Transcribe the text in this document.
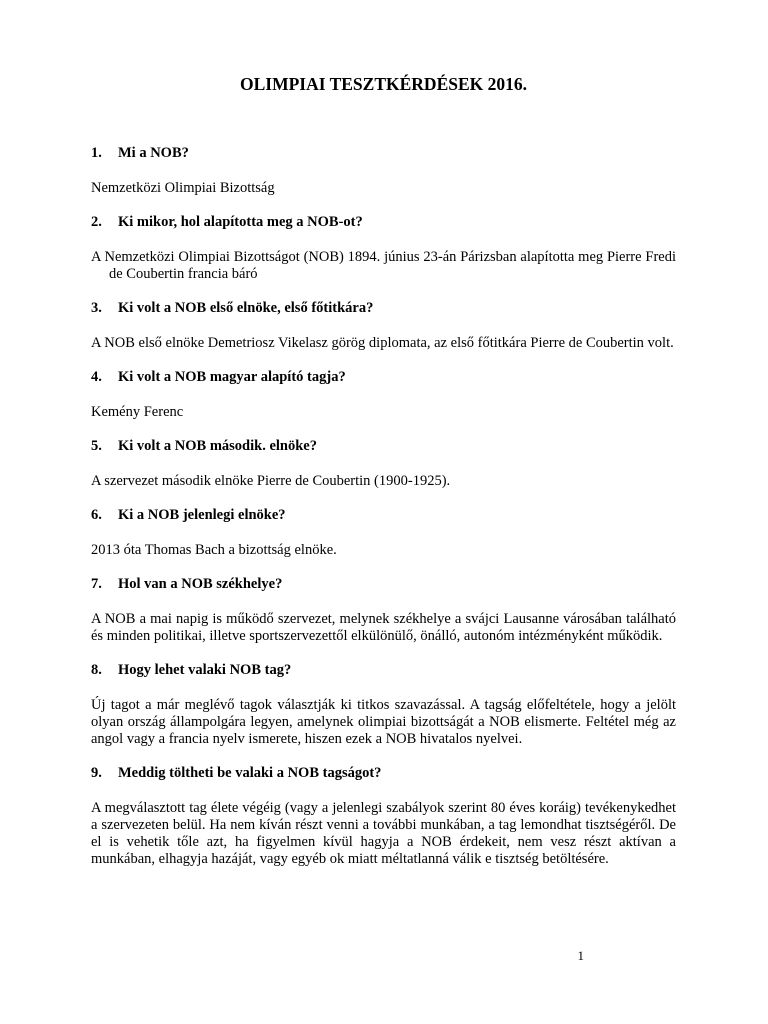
OLIMPIAI TESZTKÉRDÉSEK 2016.

1.	Mi a NOB?

Nemzetközi Olimpiai Bizottság

2.	Ki mikor, hol alapította meg a NOB-ot?

A Nemzetközi Olimpiai Bizottságot (NOB) 1894. június 23-án Párizsban alapította meg Pierre Fredi de Coubertin francia báró

3.	Ki volt a NOB első elnöke, első főtitkára?

A NOB első elnöke Demetriosz Vikelasz görög diplomata, az első főtitkára Pierre de Coubertin volt.

4.	Ki volt a NOB magyar alapító tagja?

Kemény Ferenc

5.	Ki volt a NOB második. elnöke?

A szervezet második elnöke Pierre de Coubertin (1900-1925).

6.	Ki a NOB jelenlegi elnöke?

2013 óta Thomas Bach a bizottság elnöke.

7.	Hol van a NOB székhelye?

A NOB a mai napig is működő szervezet, melynek székhelye a svájci Lausanne városában található és minden politikai, illetve sportszervezettől elkülönülő, önálló, autonóm intézményként működik.

8.	Hogy lehet valaki NOB tag?

Új tagot a már meglévő tagok választják ki titkos szavazással. A tagság előfeltétele, hogy a jelölt olyan ország állampolgára legyen, amelynek olimpiai bizottságát a NOB elismerte. Feltétel még az angol vagy a francia nyelv ismerete, hiszen ezek a NOB hivatalos nyelvei.

9.	Meddig töltheti be valaki a NOB tagságot?

A megválasztott tag élete végéig (vagy a jelenlegi szabályok szerint 80 éves koráig) tevékenykedhet a szervezeten belül. Ha nem kíván részt venni a további munkában, a tag lemondhat tisztségéről. De el is vehetik tőle azt, ha figyelmen kívül hagyja a NOB érdekeit, nem vesz részt aktívan a munkában, elhagyja hazáját, vagy egyéb ok miatt méltatlanná válik e tisztség betöltésére.

1
